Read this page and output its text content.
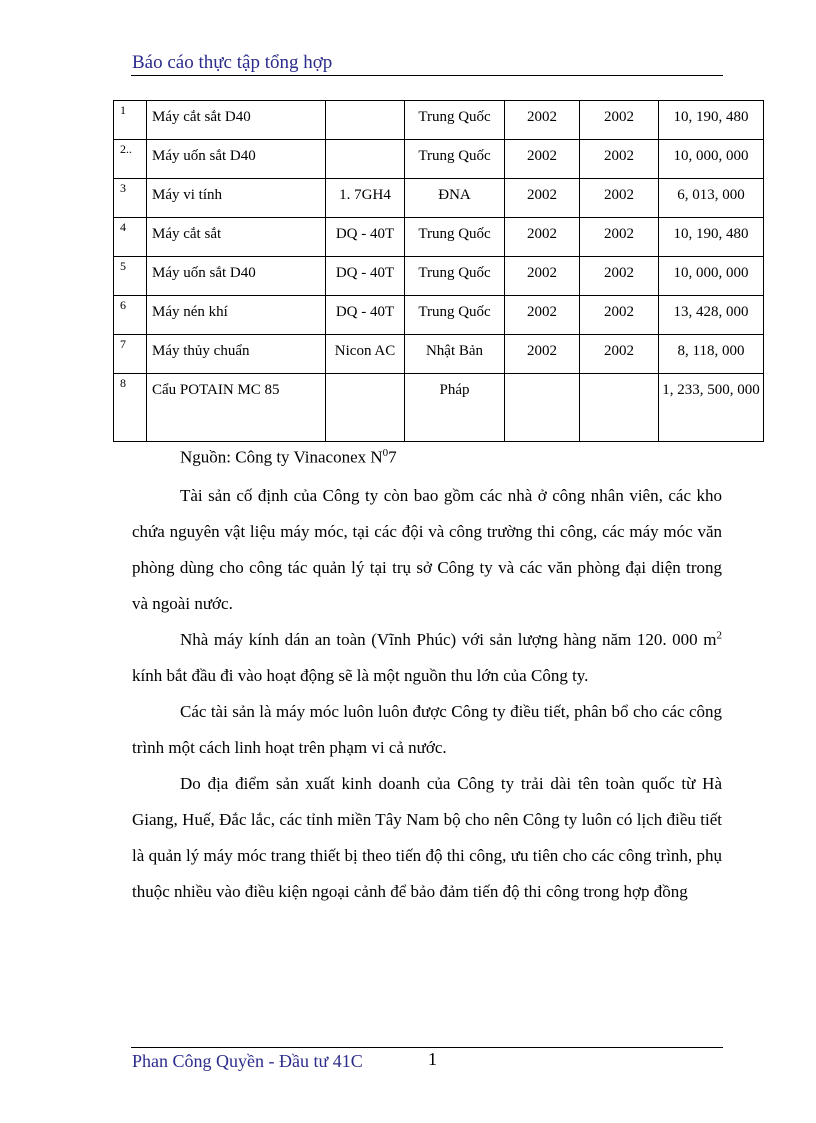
Báo cáo thực tập tổng hợp
1	Máy cắt sắt D40		Trung Quốc	2002	2002	10, 190, 480

2..	Máy uốn sắt D40		Trung Quốc	2002	2002	10, 000, 000

3	Máy vi tính	1. 7GH4	ĐNA	2002	2002	6, 013, 000

4	Máy cắt sắt	DQ - 40T	Trung Quốc	2002	2002	10, 190, 480

5	Máy uốn sắt D40	DQ - 40T	Trung Quốc	2002	2002	10, 000, 000

6	Máy nén khí	DQ - 40T	Trung Quốc	2002	2002	13, 428, 000

7	Máy thủy chuẩn	Nicon AC	Nhật Bản	2002	2002	8, 118, 000

8	Cẩu POTAIN MC 85		Pháp			1, 233, 500, 000
Nguồn: Công ty Vinaconex $N^07$

Tài sản cố định của Công ty còn bao gồm các nhà ở công nhân viên, các kho chứa nguyên vật liệu máy móc, tại các đội và công trường thi công, các máy móc văn phòng dùng cho công tác quản lý tại trụ sở Công ty và các văn phòng đại diện trong và ngoài nước.

Nhà máy kính dán an toàn (Vĩnh Phúc) với sản lượng hàng năm 120. 000 $m^2$ kính bắt đầu đi vào hoạt động sẽ là một nguồn thu lớn của Công ty.

Các tài sản là máy móc luôn luôn được Công ty điều tiết, phân bổ cho các công trình một cách linh hoạt trên phạm vi cả nước.

Do địa điểm sản xuất kinh doanh của Công ty trải dài tên toàn quốc từ Hà Giang, Huế, Đắc lắc, các tỉnh miền Tây Nam bộ cho nên Công ty luôn có lịch điều tiết là quản lý máy móc trang thiết bị theo tiến độ thi công, ưu tiên cho các công trình, phụ thuộc nhiều vào điều kiện ngoại cảnh để bảo đảm tiến độ thi công trong hợp đồng

Phan Công Quyền - Đầu tư 41C	1
